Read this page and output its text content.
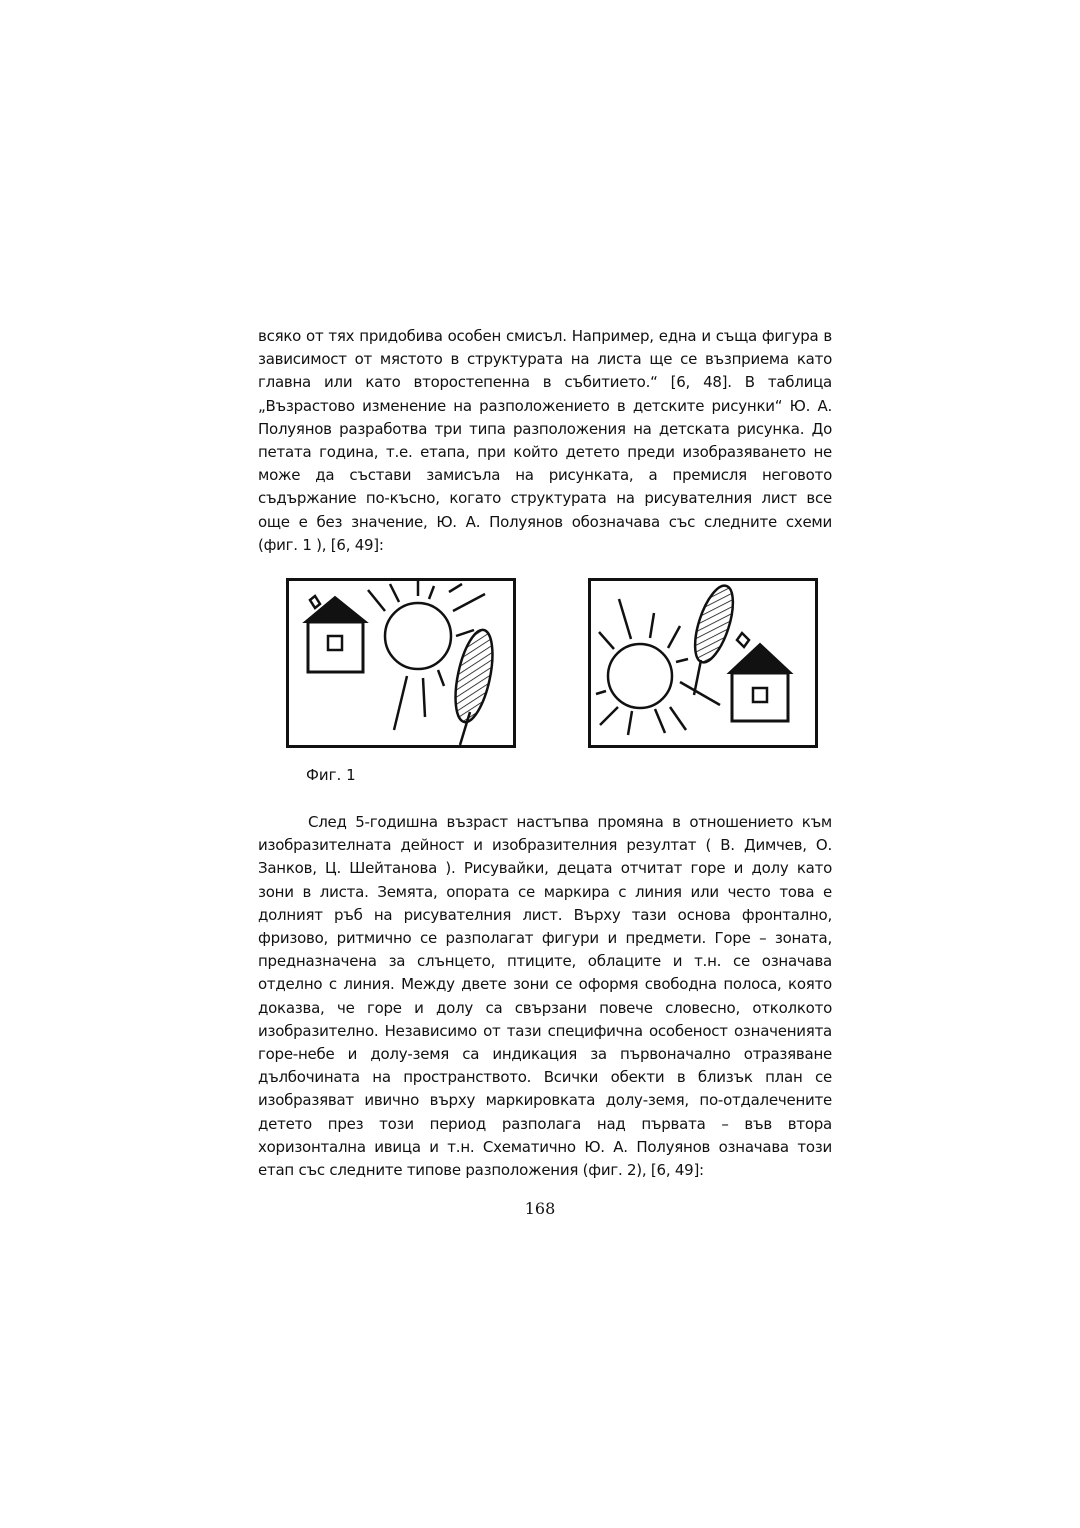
всяко от тях придобива особен смисъл. Например, една и съща фигура в зависимост от мястото в структурата на листа ще се възприема като главна или като второстепенна в събитието.“ [6, 48]. В таблица „Възрастово изменение на разположението в детските рисунки“ Ю. А. Полуянов разработва три типа разположения на детската рисунка. До петата година, т.е. етапа, при който детето преди изобразяването не може да състави замисъла на рисунката, а премисля неговото съдържание по-късно, когато структурата на рисувателния лист все още е без значение, Ю. А. Полуянов обозначава със следните схеми (фиг. 1 ), [6, 49]:

Фиг. 1

След 5-годишна възраст настъпва промяна в отношението към изобразителната дейност и изобразителния резултат ( В. Димчев, О. Занков, Ц. Шейтанова ). Рисувайки, децата отчитат горе и долу като зони в листа. Земята, опората се маркира с линия или често това е долният ръб на рисувателния лист. Върху тази основа фронтално, фризово, ритмично се разполагат фигури и предмети. Горе – зоната, предназначена за слънцето, птиците, облаците и т.н. се означава отделно с линия. Между двете зони се оформя свободна полоса, която доказва, че горе и долу са свързани повече словесно, отколкото изобразително. Независимо от тази специфична особеност означенията горе-небе и долу-земя са индикация за първоначално отразяване дълбочината на пространството. Всички обекти в близък план се изобразяват ивично върху маркировката долу-земя, по-отдалечените детето през този период разполага над първата – във втора хоризонтална ивица и т.н. Схематично Ю. А. Полуянов означава този етап със следните типове разположения (фиг. 2), [6, 49]:

168
